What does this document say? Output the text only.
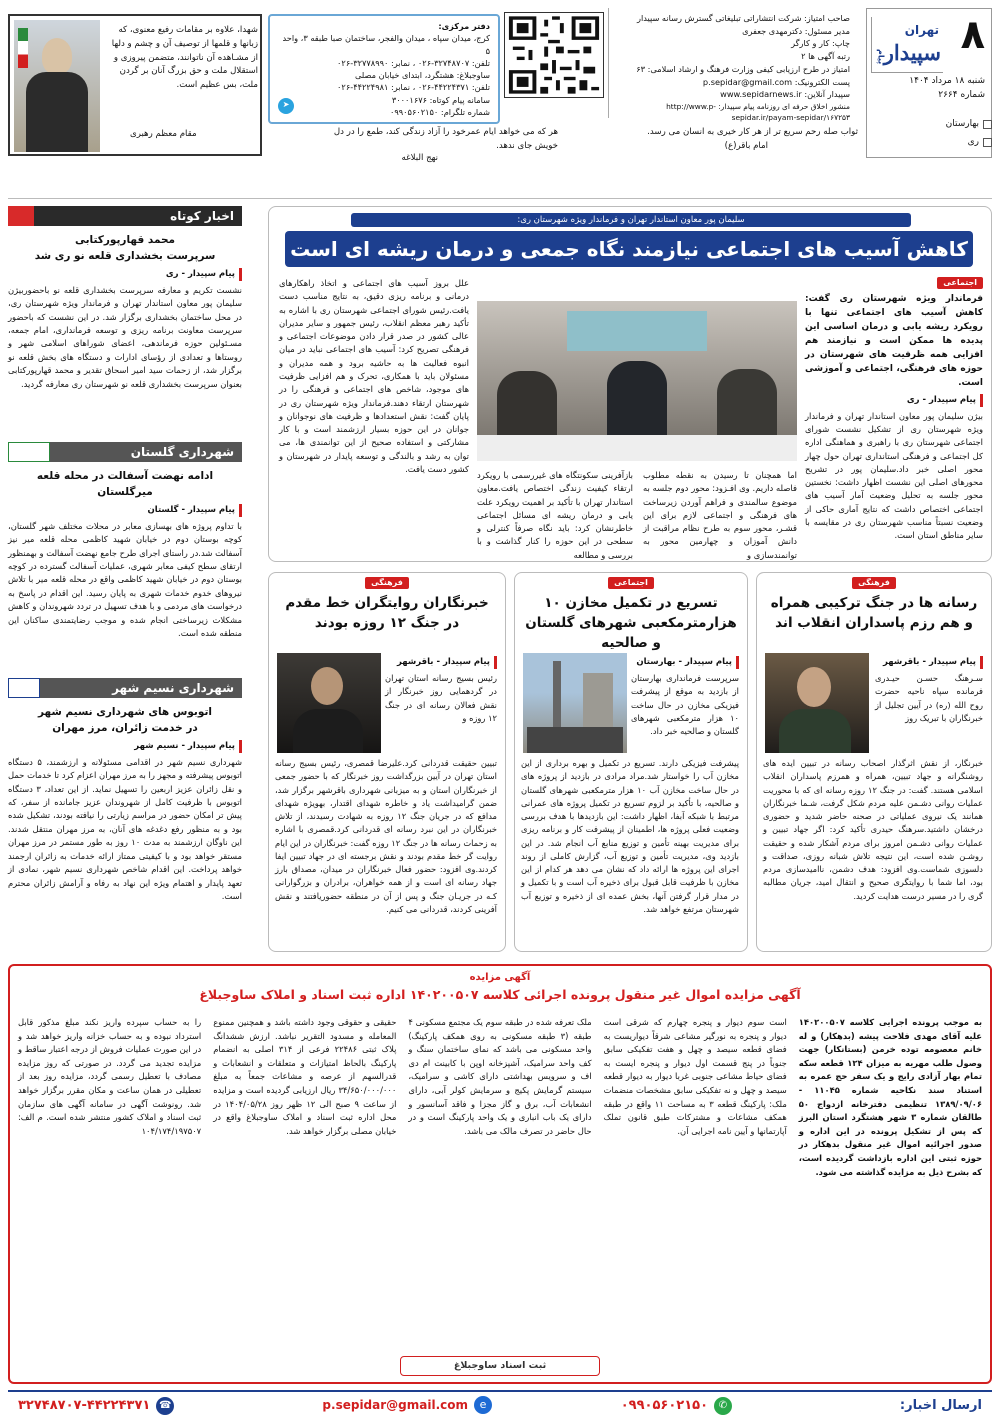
۸
تهران
سپیدار
پیام
شنبه ۱۸ مرداد ۱۴۰۴
شماره ۲۶۶۴
بهارستان
ری
صاحب امتیاز: شرکت انتشاراتی تبلیغاتی گسترش رسانه سپیدار
مدیر مسئول: دکترمهدی جعفری
چاپ: کار و کارگر
رتبه آگهی ها ۲
امتیاز در طرح ارزیابی کیفی وزارت فرهنگ و ارشاد اسلامی: ۶۳
پست الکترونیک: p.sepidar@gmail.com
سپیدار آنلاین: www.sepidarnews.ir
منشور اخلاق حرفه ای روزنامه پیام سپیدار: http://www.p-sepidar.ir/payam-sepidar/۱۶۷۲۵۳
دفتر مرکزی:
کرج، میدان سپاه ، میدان والفجر، ساختمان صبا طبقه ۳، واحد ۵
تلفن: ۳۲۷۴۸۷۰۷-۰۲۶ ، نمابر: ۳۲۷۷۸۹۹۰-۰۲۶
ساوجبلاغ: هشتگرد، ابتدای خیابان مصلی
تلفن: ۴۴۲۲۴۳۷۱-۰۲۶ ، نمابر: ۴۴۲۲۴۹۸۱-۰۲۶
سامانه پیام کوتاه: ۳۰۰۰۱۶۷۶
شماره تلگرام: ۰۹۹۰۵۶۰۲۱۵۰
➤
شهدا، علاوه بر مقامات رفیع معنوی، که زبانها و قلمها از توصیف آن و چشم و دلها از مشـاهده آن ناتوانند، متضمن پیروزی و استقلال ملت و حق بزرگ آنان بر گردن ملت، بس عظیم است.
مقام معظم رهبری	ثواب صله رحم سریع تر از هر کار خیری به انسان می رسد.
امام باقر(ع)
هر که می خواهد ایام عمرخود را آزاد زندگی کند، طمع را در دل خویش جای ندهد.
نهج البلاغه
سلیمان پور معاون استاندار تهران و فرماندار ویژه شهرستان ری:
کاهش آسیب های اجتماعی نیازمند نگاه جمعی و درمان ریشه ای است
اجتماعی
فرماندار ویژه شهرستان ری گفت: کاهش آسیب های اجتماعی تنها با رویکرد ریشه یابی و درمان اساسی این پدیده ها ممکن است و نیازمند هم افزایی همه ظرفیت های شهرستان در حوزه های فرهنگی، اجتماعی و آموزشی است.
پیام سپیدار - ری
بیژن سلیمان پور معاون استاندار تهران و فرماندار ویژه شهرستان ری از تشکیل نشست شورای اجتماعی شهرستان ری با راهبری و هماهنگی اداره کل اجتماعی و فرهنگی استانداری تهران حول چهار محور اصلی خبر داد.سلیمان پور در تشریح محورهای اصلی این نشست اظهار داشت: نخستین محور جلسه به تحلیل وضعیت آمار آسیب های اجتماعی اختصاص داشت که نتایج آماری حاکی از وضعیت نسبتاً مناسب شهرستان ری در مقایسه با سایر مناطق استان است.
اما همچنان تا رسیدن به نقطه مطلوب فاصله داریم. وی افـزود: محور دوم جلسه به موضوع سالمندی و فراهم آوردن زیرساخت های فرهنگی و اجتماعی لازم برای این قشـر، محور سوم به طرح نظام مراقبت از دانش آموزان و چهارمین محور به توانمندسازی و
بازآفرینی سکونتگاه های غیررسمی با رویکرد ارتقاء کیفیت زندگی اختصاص یافت.معاون استاندار تهران با تأکید بر اهمیت رویکرد علت یابی و درمان ریشه ای مسائل اجتماعی خاطرنشان کرد: باید نگاه صرفاً کنترلی و سطحی در این حوزه را کنار گذاشت و با بررسی و مطالعه
علل بروز آسیب های اجتماعی و اتخاذ راهکارهای درمانی و برنامه ریزی دقیق، به نتایج مناسب دست یافت.رئیس شورای اجتماعی شهرستان ری با اشاره به تأکید رهبر معظم انقلاب، رئیس جمهور و سایر مدیران عالی کشور در صدر قرار دادن موضوعات اجتماعی و فرهنگی تصریح کرد: آسیب های اجتماعی نباید در میان انبوه فعالیت ها به حاشیه برود و همه مدیران و مسئولان باید با همکاری، تحرک و هم افزایی ظرفیت های موجود، شاخص های اجتماعی و فرهنگی را در شهرستان ارتقاء دهند.فرماندار ویژه شهرستان ری در پایان گفت: نقش استعدادها و ظرفیت های نوجوانان و جوانان در این حوزه بسیار ارزشمند است و با کار مشارکتی و استفاده صحیح از این توانمندی ها، می توان به رشد و بالندگی و توسعه پایدار در شهرستان و کشور دست یافت.
فرهنگی
رسانه ها در جنگ ترکیبی همراه و هم رزم پاسداران انقلاب اند
پیام سپیدار - باقرشهر
سـرهنگ حسـن حیـدری فرمانده سپاه ناحیه حضرت روح الله (ره) در آیین تجلیل از خبرنگاران با تبریک روز
خبرنگار، از نقش اثرگذار اصحاب رسانه در تبیین ایده های روشنگرانه و جهاد تبیین، همراه و همرزم پاسداران انقلاب اسلامی هستند. گفت: در جنگ ۱۲ روزه رسانه ای که با محوریت عملیات روانی دشـمن علیه مردم شکل گرفت، شـما خبرنگاران همانند یک نیروی عملیاتی در صحنه حاضر شدید و حضوری درخشان داشتید.سرهنگ حیدری تأکید کرد: اگر جهاد تبیین و عملیات روانی دشـمن امروز برای مردم آشکار شده و حقیقت روشـن شده است، این نتیجه تلاش شبانه روزی، صداقت و دلسوزی شماست.وی افزود: هدف دشمن، ناامیدسازی مردم بود، اما شما با روایتگری صحیح و انتقال امید، جریان مطالبه گری را در مسیر درست هدایت کردید.
اجتماعی
تسریع در تکمیل مخازن ۱۰ هزارمترمکعبی شهرهای گلستان و صالحیه
پیام سپیدار - بهارستان
سرپرست فرمانداری بهارستان از بازدید به موقع از پیشرفت فیزیکی مخازن در حال ساخت ۱۰ هزار مترمکعبی شهرهای گلستان و صالحیه خبر داد.
پیشرفت فیزیکی دارند. تسریع در تکمیل و بهره برداری از این مخازن آب را خواستار شد.مراد مرادی در بازدید از پروژه های در حال ساخت مخازن آب ۱۰ هزار مترمکعبی شهرهای گلستان و صالحیه، با تأکید بر لزوم تسریع در تکمیل پروژه های عمرانی مرتبط با شبکه آبفا، اظهار داشت: این بازدیدها با هدف بررسی وضعیت فعلی پروژه ها، اطمینان از پیشرفت کار و برنامه ریزی برای مدیریت بهینه تأمین و توزیع منابع آب انجام شد. در این بازدید وی، مدیریت تأمین و توزیع آب، گزارش کاملی از روند اجرای این پروژه ها ارائه داد که نشان می دهد هر کدام از این مخازن با ظرفیت قابل قبول برای ذخیره آب است و با تکمیل و در مدار قرار گرفتن آنها، بخش عمده ای از ذخیره و توزیع آب شهرستان مرتفع خواهد شد.
فرهنگی
خبرنگاران روایتگران خط مقدم در جنگ ۱۲ روزه بودند
پیام سپیدار - باقرشهر
رئیس بسیج رسانه استان تهران در گردهمایی روز خبرنگار از نقش فعالان رسانه ای در جنگ ۱۲ روزه و
تبیین حقیقت قدردانی کرد.علیرضا قمصری، رئیس بسیج رسانه استان تهران در آیین بزرگداشت روز خبرنگار که با حضور جمعی از خبرنگاران استان و به میزبانی شهرداری باقرشهر برگزار شد، ضمن گرامیداشت یاد و خاطره شهدای اقتدار، بهویژه شهدای مدافع که در جریان جنگ ۱۲ روزه به شهادت رسیدند، از تلاش خبرنگاران در این نبرد رسانه ای قدردانی کرد.قمصری با اشاره به زحمات رسانه ها در جنگ ۱۲ روزه گفت: خبرنگاران در این ایام روایت گر خط مقدم بودند و نقش برجسته ای در جهاد تبیین ایفا کردند.وی افزود: حضور فعال خبرنگاران در میدان، مصداق بارز جهاد رسانه ای است و از همه خواهران، برادران و بزرگوارانی کـه در جریـان جنگ و پس از آن در منطقه حضوریافتند و نقش آفرینی کردند، قدردانی می کنیم.
اخبار کوتاه
محمد قهارپورکتابی
سرپرست بخشداری قلعه نو ری شد
پیام سپیدار - ری
نشست تکریم و معارفه سرپرست بخشداری قلعه نو باحضوربیژن سلیمان پور معاون استاندار تهران و فرماندار ویژه شهرستان ری، در محل ساختمان بخشداری برگزار شد. در این نشست که باحضور سرپرست معاونت برنامه ریزی و توسعه فرمانداری، امام جمعه، مسـئولین حوزه فرماندهی، اعضای شوراهای اسلامی شهر و روستاها و تعدادی از رؤسای ادارات و دستگاه های بخش قلعه نو برگزار شد، از زحمات سید امیر اسحاق تقدیر و محمد قهارپورکتابی بعنوان سرپرست بخشداری قلعه نو شهرستان ری معارفه گردید.
شهرداری گلستان
ادامه نهضت آسفالت در محله قلعه میرگلستان
پیام سپیدار - گلستان
با تداوم پروژه های بهسازی معابر در محلات مختلف شهر گلستان، کوچه بوستان دوم در خیابان شهید کاظمی محله قلعه میر نیز آسفالت شد.در راستای اجرای طرح جامع نهضت آسفالت و بهمنظور ارتقای سطح کیفی معابر شهری، عملیات آسفالت گسترده در کوچه بوستان دوم در خیابان شهید کاظمی واقع در محله قلعه میر با تلاش نیروهای خدوم خدمات شهری به پایان رسید. این اقدام در پاسخ به درخواست های مردمی و با هدف تسهیل در تردد شهروندان و کاهش مشکلات زیرساختی انجام شده و موجب رضایتمندی ساکنان این منطقه شده است.
شهرداری نسیم شهر
اتوبوس های شهرداری نسیم شهر
در خدمت زائران، مرز مهران
پیام سپیدار - نسیم شهر
شهرداری نسیم شهر در اقدامی مسئولانه و ارزشمند، ۵ دستگاه اتوبوس پیشرفته و مجهز را به مرز مهران اعزام کرد تا خدمات حمل و نقل زائران عزیز اربعین را تسهیل نماید. از این تعداد، ۳ دستگاه اتوبوس با ظرفیت کامل از شهروندان عزیز جامانده از سفر، که پیش تر امکان حضور در مراسم زیارتی را نیافته بودند، تشکیل شده بود و به منظور رفع دغدغه های آنان، به مرز مهران منتقل شدند. این ناوگان ارزشمند به مدت ۱۰ روز به طور مستمر در مرز مهران مستقر خواهد بود و با کیفیتی ممتاز ارائه خدمات به زائران ارجمند خواهد پرداخت. این اقدام شاخص شهرداری نسیم شهر، نمادی از تعهد پایدار و اهتمام ویژه این نهاد به رفاه و آرامش زائران محترم است.
آگهی مزایده
آگهی مزایده اموال غیر منقول پرونده اجرائی کلاسه ۱۴۰۲۰۰۵۰۷ اداره ثبت اسناد و املاک ساوجبلاغ
به موجب پرونده اجرایی کلاسه ۱۴۰۲۰۰۵۰۷ علیه آقای مهدی فلاحت پیشه (بدهکار) و له خانم معصومه توده خرمن (بستانکار) جهت وصول طلب مهریه به میزان ۱۲۴ قطعه سکه تمام بهار آزادی رایج و یک سفر حج عمره به استناد سند نکاحیه شماره ۱۱۰۴۵ - ۱۳۸۹/۰۹/۰۶ تنظیمی دفترخانه ازدواج ۵۰ طالقان شماره ۳ شهر هشتگرد استان البرز که پس از تشکیل پرونده در این اداره و صدور اجرائیه اموال غیر منقول بدهکار در حوزه ثبتی این اداره بازداشت گردیده است، که بشرح ذیل به مزایده گذاشته می شود.
است سوم دیوار و پنجره چهارم که شرقی است دیوار و پنجره به نورگیر مشاعی شرقاً دیواریست به فضای قطعه سیصد و چهل و هفت تفکیکی سابق جنوباً در پنج قسمت اول دیوار و پنجره ایست به فضای حیاط مشاعی جنوبی غربا دیوار به دیوار قطعه سیصد و چهل و نه تفکیکی سابق مشخصات منضمات ملک: پارکینگ قطعه ۳ به مساحت ۱۱ واقع در طبقه همکف مشاعات و مشترکات طبق قانون تملک آپارتمانها و آیین نامه اجرایی آن.
ملک تعرفه شده در طبقه سوم یک مجتمع مسکونی ۴ طبقه (۳ طبقه مسکونی به روی همکف پارکینگ) واحد مسکونی می باشد که نمای ساختمان سنگ و کف واحد سرامیک، آشپزخانه اوپن با کابینت ام دی اف و سرویس بهداشتی دارای کاشی و سرامیک، سیستم گرمایش پکیج و سرمایش کولر آبی، دارای انشعابات آب، برق و گاز مجزا و فاقد آسانسور و دارای یک باب انباری و یک واحد پارکینگ است و در حال حاضر در تصرف مالک می باشد.
حقیقی و حقوقی وجود داشته باشد و همچنین ممنوع المعامله و مسدود التقریر نباشد. ارزش ششدانگ پلاک ثبتی ۲۲۴۸۶ فرعی از ۳۱۴ اصلی به انضمام پارکینگ بالحاظ امتیازات و متعلقات و انشعابات و قدرالسهم از عرصه و مشاعات جمعاً به مبلغ ۳۴/۶۵۰/۰۰۰/۰۰۰ ریال ارزیابی گردیده است و مزایده از ساعت ۹ صبح الی ۱۲ ظهر روز ۱۴۰۴/۰۵/۲۸ در محل اداره ثبت اسناد و املاک ساوجبلاغ واقع در خیابان مصلی برگزار خواهد شد.
را به حساب سپرده واریز نکند مبلغ مذکور قابل استرداد نبوده و به حساب خزانه واریز خواهد شد و در این صورت عملیات فروش از درجه اعتبار ساقط و مزایده تجدید می گردد. در صورتی که روز مزایده مصادف با تعطیل رسمی گردد، مزایده روز بعد از تعطیلی در همان ساعت و مکان مقرر برگزار خواهد شد. رونوشت آگهی در سامانه آگهی های سازمان ثبت اسناد و املاک کشور منتشر شده است. م الف: ۱۰۴/۱۷۴/۱۹۷۵۰۷
ثبت اسناد ساوجبلاغ
ارسال اخبار:
✆
۰۹۹۰۵۶۰۲۱۵۰
e
p.sepidar@gmail.com
☎
۳۲۷۴۸۷۰۷-۴۴۲۲۴۳۷۱
